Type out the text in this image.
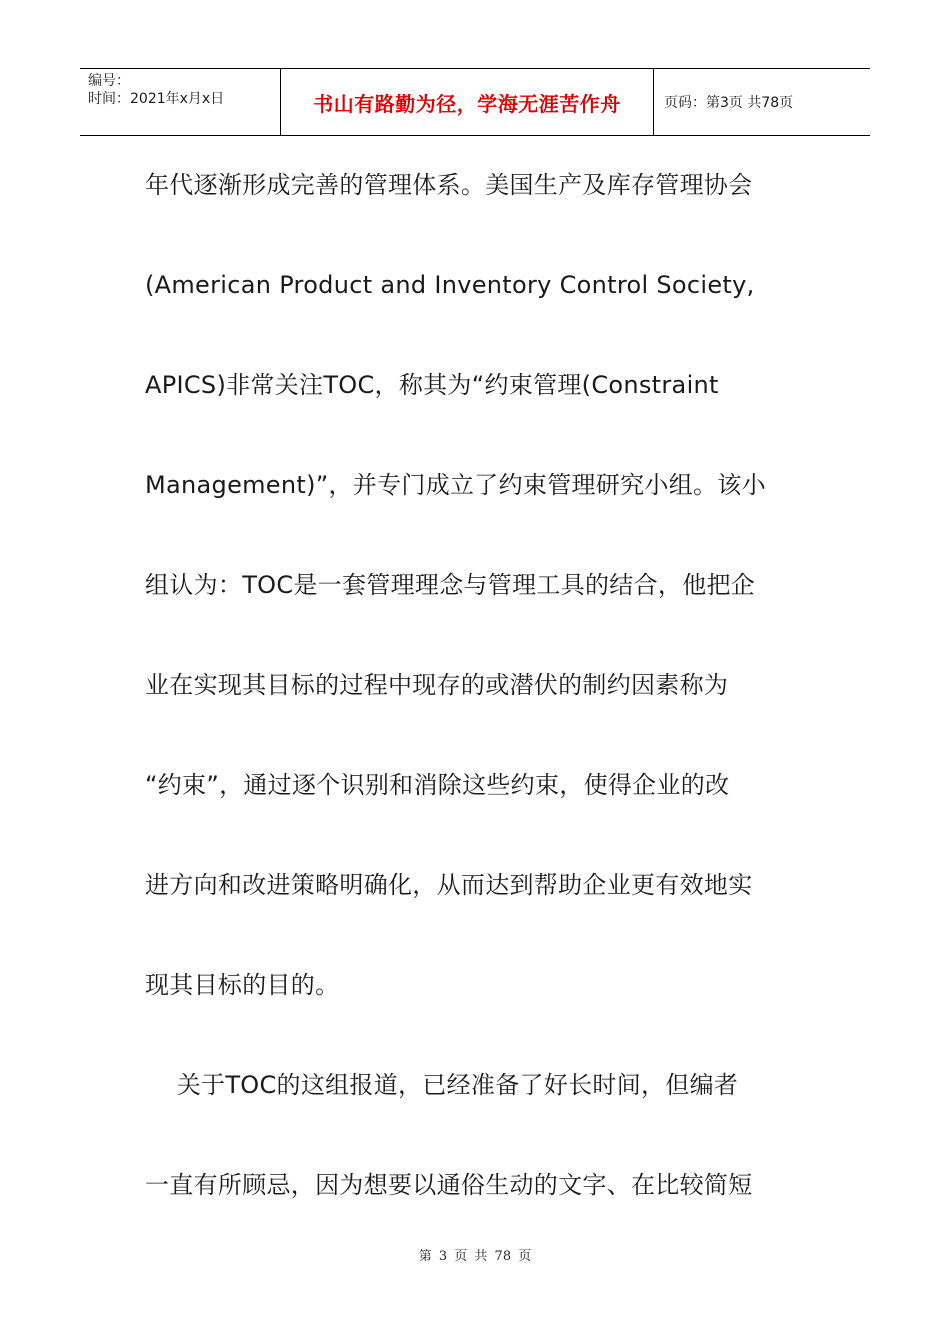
编号：
时间：2021年x月x日	书山有路勤为径，学海无涯苦作舟	页码：第3页 共78页
年代逐渐形成完善的管理体系。美国生产及库存管理协会
(American Product and Inventory Control Society,
APICS)非常关注TOC，称其为“约束管理(Constraint
Management)”，并专门成立了约束管理研究小组。该小
组认为：TOC是一套管理理念与管理工具的结合，他把企
业在实现其目标的过程中现存的或潜伏的制约因素称为
“约束”，通过逐个识别和消除这些约束，使得企业的改
进方向和改进策略明确化，从而达到帮助企业更有效地实
现其目标的目的。
关于TOC的这组报道，已经准备了好长时间，但编者
一直有所顾忌，因为想要以通俗生动的文字、在比较简短
第 3 页 共 78 页
